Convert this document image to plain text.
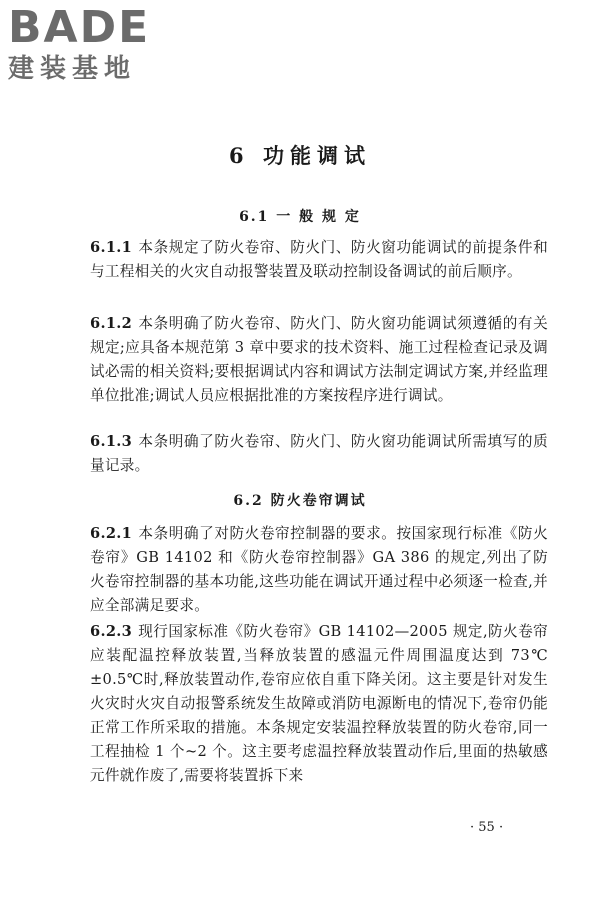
BADE
建装基地
6 功能调试
6.1 一 般 规 定
6.1.1 本条规定了防火卷帘、防火门、防火窗功能调试的前提条件和与工程相关的火灾自动报警装置及联动控制设备调试的前后顺序。
6.1.2 本条明确了防火卷帘、防火门、防火窗功能调试须遵循的有关规定;应具备本规范第 3 章中要求的技术资料、施工过程检查记录及调试必需的相关资料;要根据调试内容和调试方法制定调试方案,并经监理单位批准;调试人员应根据批准的方案按程序进行调试。
6.1.3 本条明确了防火卷帘、防火门、防火窗功能调试所需填写的质量记录。
6.2 防火卷帘调试
6.2.1 本条明确了对防火卷帘控制器的要求。按国家现行标准《防火卷帘》GB 14102 和《防火卷帘控制器》GA 386 的规定,列出了防火卷帘控制器的基本功能,这些功能在调试开通过程中必须逐一检查,并应全部满足要求。
6.2.3 现行国家标准《防火卷帘》GB 14102—2005 规定,防火卷帘应装配温控释放装置,当释放装置的感温元件周围温度达到 73℃±0.5℃时,释放装置动作,卷帘应依自重下降关闭。这主要是针对发生火灾时火灾自动报警系统发生故障或消防电源断电的情况下,卷帘仍能正常工作所采取的措施。本条规定安装温控释放装置的防火卷帘,同一工程抽检 1 个~2 个。这主要考虑温控释放装置动作后,里面的热敏感元件就作废了,需要将装置拆下来
· 55 ·
